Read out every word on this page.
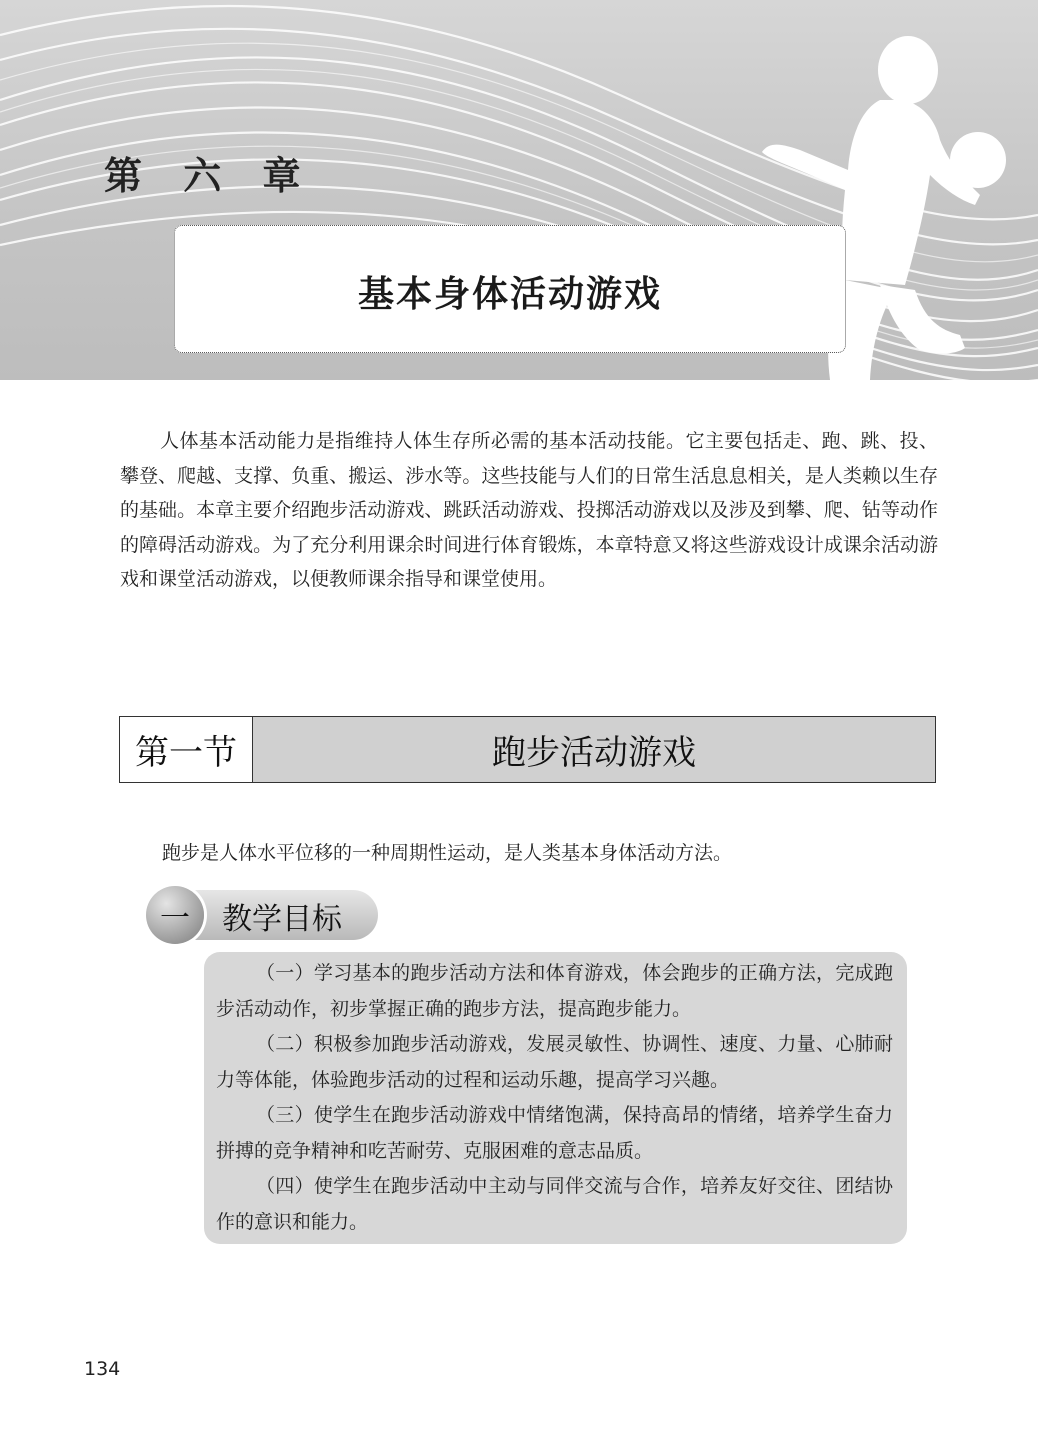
第 六 章
基本身体活动游戏
人体基本活动能力是指维持人体生存所必需的基本活动技能。它主要包括走、跑、跳、投、攀登、爬越、支撑、负重、搬运、涉水等。这些技能与人们的日常生活息息相关，是人类赖以生存的基础。本章主要介绍跑步活动游戏、跳跃活动游戏、投掷活动游戏以及涉及到攀、爬、钻等动作的障碍活动游戏。为了充分利用课余时间进行体育锻炼，本章特意又将这些游戏设计成课余活动游戏和课堂活动游戏，以便教师课余指导和课堂使用。
第一节	跑步活动游戏
跑步是人体水平位移的一种周期性运动，是人类基本身体活动方法。
一	教学目标

（一）学习基本的跑步活动方法和体育游戏，体会跑步的正确方法，完成跑步活动动作，初步掌握正确的跑步方法，提高跑步能力。

（二）积极参加跑步活动游戏，发展灵敏性、协调性、速度、力量、心肺耐力等体能，体验跑步活动的过程和运动乐趣，提高学习兴趣。

（三）使学生在跑步活动游戏中情绪饱满，保持高昂的情绪，培养学生奋力拼搏的竞争精神和吃苦耐劳、克服困难的意志品质。

（四）使学生在跑步活动中主动与同伴交流与合作，培养友好交往、团结协作的意识和能力。

134
